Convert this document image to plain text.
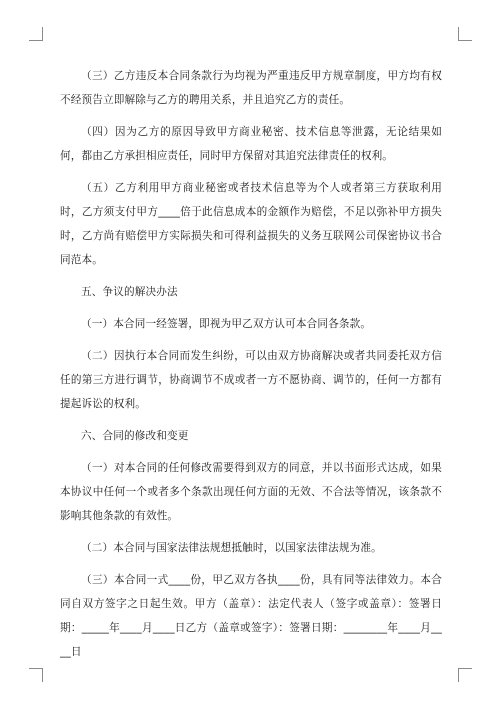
（三）乙方违反本合同条款行为均视为严重违反甲方规章制度，甲方均有权不经预告立即解除与乙方的聘用关系，并且追究乙方的责任。

（四）因为乙方的原因导致甲方商业秘密、技术信息等泄露，无论结果如何，都由乙方承担相应责任，同时甲方保留对其追究法律责任的权利。

（五）乙方利用甲方商业秘密或者技术信息等为个人或者第三方获取利用时，乙方须支付甲方____倍于此信息成本的金额作为赔偿，不足以弥补甲方损失时，乙方尚有赔偿甲方实际损失和可得利益损失的义务互联网公司保密协议书合同范本。

五、争议的解决办法

（一）本合同一经签署，即视为甲乙双方认可本合同各条款。

（二）因执行本合同而发生纠纷，可以由双方协商解决或者共同委托双方信任的第三方进行调节，协商调节不成或者一方不愿协商、调节的，任何一方都有提起诉讼的权利。

六、合同的修改和变更

（一）对本合同的任何修改需要得到双方的同意，并以书面形式达成，如果本协议中任何一个或者多个条款出现任何方面的无效、不合法等情况，该条款不影响其他条款的有效性。

（二）本合同与国家法律法规想抵触时，以国家法律法规为准。

（三）本合同一式____份，甲乙双方各执____份，具有同等法律效力。本合同自双方签字之日起生效。甲方（盖章）：法定代表人（签字或盖章）：签署日期：_____年____月____日乙方（盖章或签字）：签署日期：________年____月____日
